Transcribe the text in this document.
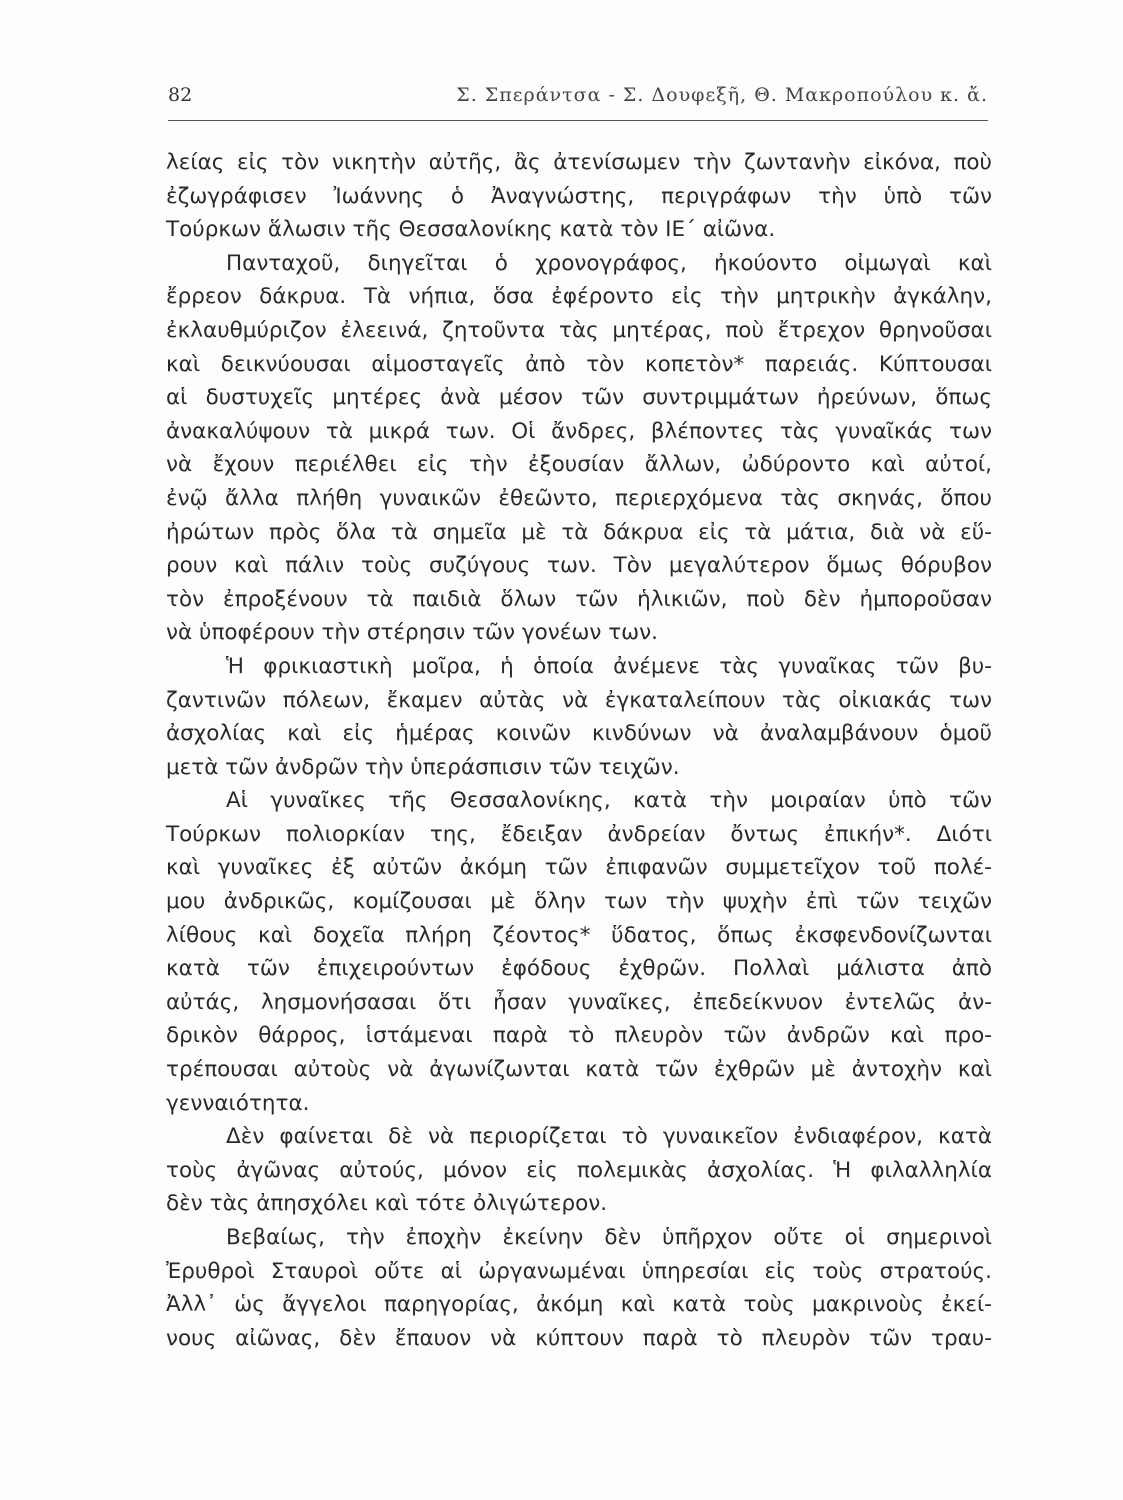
82	Σ. Σπεράντσα - Σ. Δουφεξῆ, Θ. Μακροπούλου κ. ἄ.
λείας εἰς τὸν νικητὴν αὐτῆς, ἂς ἀτενίσωμεν τὴν ζωντανὴν εἰκόνα, ποὺ
ἐζωγράφισεν Ἰωάννης ὁ Ἀναγνώστης, περιγράφων τὴν ὑπὸ τῶν
Τούρκων ἅλωσιν τῆς Θεσσαλονίκης κατὰ τὸν ΙΕ΄ αἰῶνα.
Πανταχοῦ, διηγεῖται ὁ χρονογράφος, ἠκούοντο οἰμωγαὶ καὶ
ἔρρεον δάκρυα. Τὰ νήπια, ὅσα ἐφέροντο εἰς τὴν μητρικὴν ἀγκάλην,
ἐκλαυθμύριζον ἐλεεινά, ζητοῦντα τὰς μητέρας, ποὺ ἔτρεχον θρηνοῦσαι
καὶ δεικνύουσαι αἱμοσταγεῖς ἀπὸ τὸν κοπετὸν* παρειάς. Κύπτουσαι
αἱ δυστυχεῖς μητέρες ἀνὰ μέσον τῶν συντριμμάτων ἠρεύνων, ὅπως
ἀνακαλύψουν τὰ μικρά των. Οἱ ἄνδρες, βλέποντες τὰς γυναῖκάς των
νὰ ἔχουν περιέλθει εἰς τὴν ἐξουσίαν ἄλλων, ὠδύροντο καὶ αὐτοί,
ἐνῷ ἄλλα πλήθη γυναικῶν ἐθεῶντο, περιερχόμενα τὰς σκηνάς, ὅπου
ἠρώτων πρὸς ὅλα τὰ σημεῖα μὲ τὰ δάκρυα εἰς τὰ μάτια, διὰ νὰ εὕ-
ρουν καὶ πάλιν τοὺς συζύγους των. Τὸν μεγαλύτερον ὅμως θόρυβον
τὸν ἐπροξένουν τὰ παιδιὰ ὅλων τῶν ἡλικιῶν, ποὺ δὲν ἠμποροῦσαν
νὰ ὑποφέρουν τὴν στέρησιν τῶν γονέων των.
Ἡ φρικιαστικὴ μοῖρα, ἡ ὁποία ἀνέμενε τὰς γυναῖκας τῶν βυ-
ζαντινῶν πόλεων, ἔκαμεν αὐτὰς νὰ ἐγκαταλείπουν τὰς οἰκιακάς των
ἀσχολίας καὶ εἰς ἡμέρας κοινῶν κινδύνων νὰ ἀναλαμβάνουν ὁμοῦ
μετὰ τῶν ἀνδρῶν τὴν ὑπεράσπισιν τῶν τειχῶν.
Αἱ γυναῖκες τῆς Θεσσαλονίκης, κατὰ τὴν μοιραίαν ὑπὸ τῶν
Τούρκων πολιορκίαν της, ἔδειξαν ἀνδρείαν ὄντως ἐπικήν*. Διότι
καὶ γυναῖκες ἐξ αὐτῶν ἀκόμη τῶν ἐπιφανῶν συμμετεῖχον τοῦ πολέ-
μου ἀνδρικῶς, κομίζουσαι μὲ ὅλην των τὴν ψυχὴν ἐπὶ τῶν τειχῶν
λίθους καὶ δοχεῖα πλήρη ζέοντος* ὕδατος, ὅπως ἐκσφενδονίζωνται
κατὰ τῶν ἐπιχειρούντων ἐφόδους ἐχθρῶν. Πολλαὶ μάλιστα ἀπὸ
αὐτάς, λησμονήσασαι ὅτι ἦσαν γυναῖκες, ἐπεδείκνυον ἐντελῶς ἀν-
δρικὸν θάρρος, ἱστάμεναι παρὰ τὸ πλευρὸν τῶν ἀνδρῶν καὶ προ-
τρέπουσαι αὐτοὺς νὰ ἀγωνίζωνται κατὰ τῶν ἐχθρῶν μὲ ἀντοχὴν καὶ
γενναιότητα.
Δὲν φαίνεται δὲ νὰ περιορίζεται τὸ γυναικεῖον ἐνδιαφέρον, κατὰ
τοὺς ἀγῶνας αὐτούς, μόνον εἰς πολεμικὰς ἀσχολίας. Ἡ φιλαλληλία
δὲν τὰς ἀπησχόλει καὶ τότε ὀλιγώτερον.
Βεβαίως, τὴν ἐποχὴν ἐκείνην δὲν ὑπῆρχον οὔτε οἱ σημερινοὶ
Ἐρυθροὶ Σταυροὶ οὔτε αἱ ὠργανωμέναι ὑπηρεσίαι εἰς τοὺς στρατούς.
Ἀλλ᾽ ὡς ἄγγελοι παρηγορίας, ἀκόμη καὶ κατὰ τοὺς μακρινοὺς ἐκεί-
νους αἰῶνας, δὲν ἔπαυον νὰ κύπτουν παρὰ τὸ πλευρὸν τῶν τραυ-
